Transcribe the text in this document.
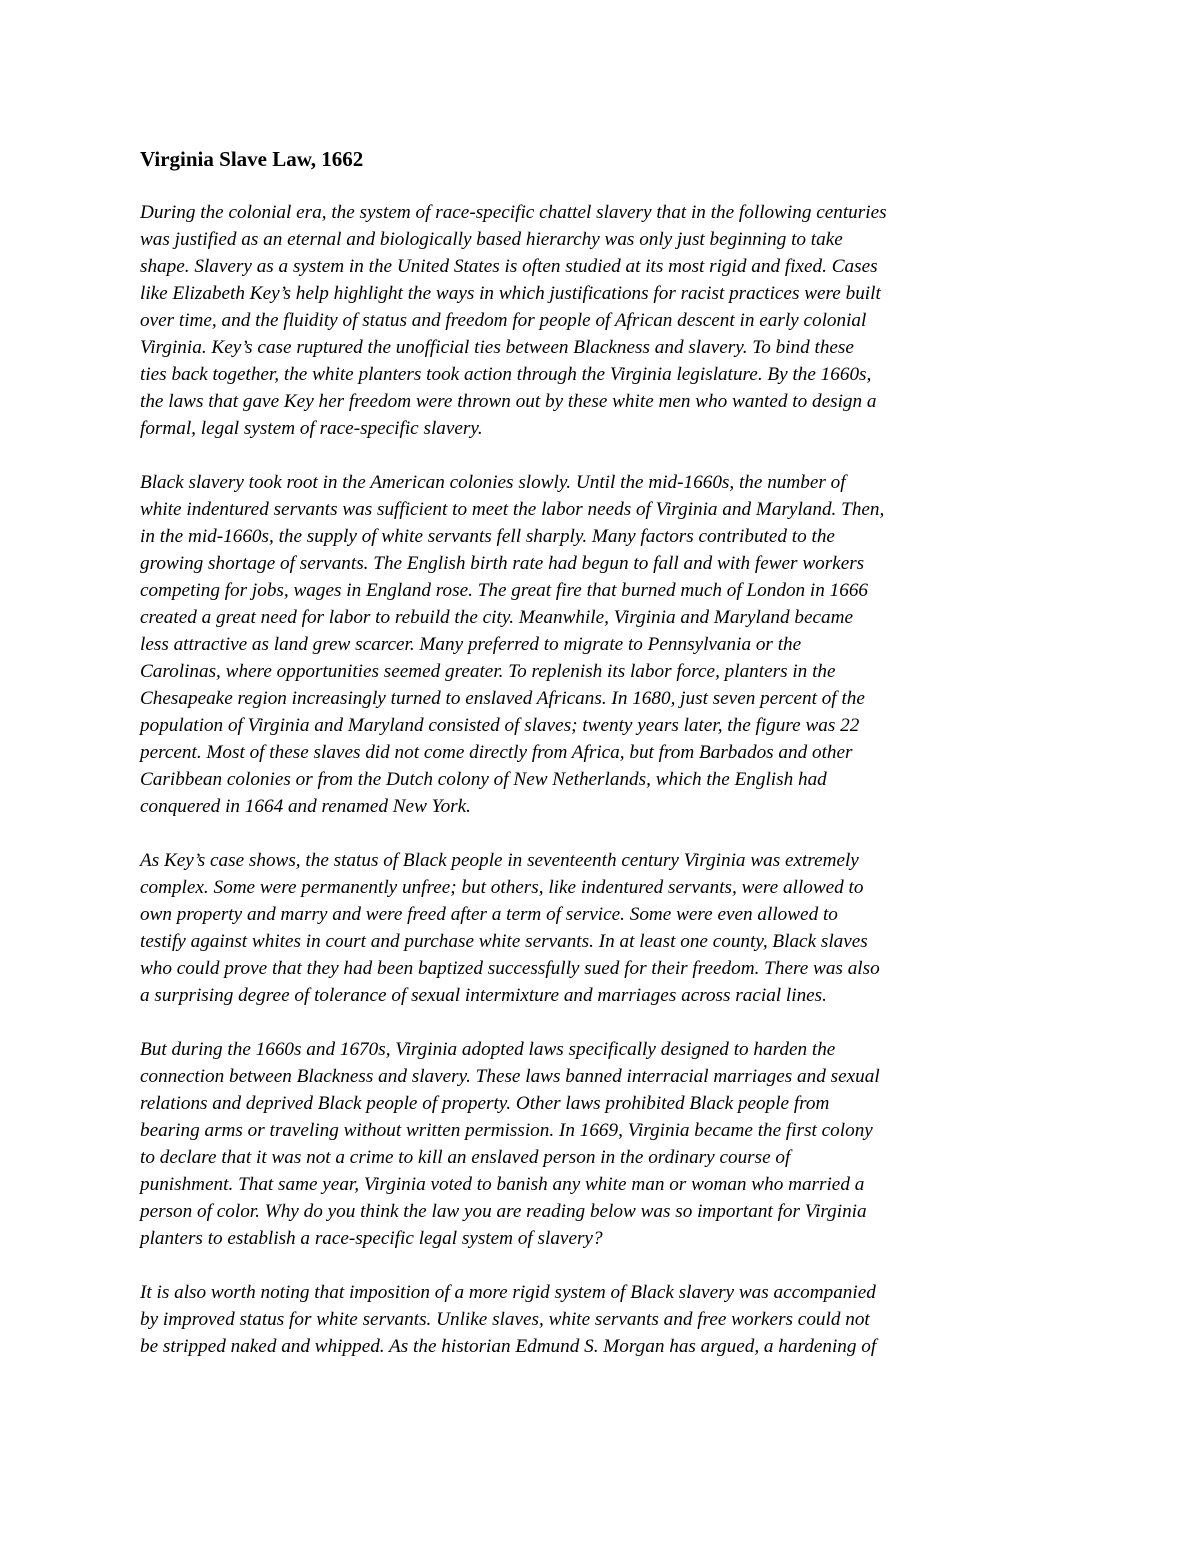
Virginia Slave Law, 1662
During the colonial era, the system of race-specific chattel slavery that in the following centuries
was justified as an eternal and biologically based hierarchy was only just beginning to take
shape. Slavery as a system in the United States is often studied at its most rigid and fixed. Cases
like Elizabeth Key’s help highlight the ways in which justifications for racist practices were built
over time, and the fluidity of status and freedom for people of African descent in early colonial
Virginia. Key’s case ruptured the unofficial ties between Blackness and slavery. To bind these
ties back together, the white planters took action through the Virginia legislature. By the 1660s,
the laws that gave Key her freedom were thrown out by these white men who wanted to design a
formal, legal system of race-specific slavery.
Black slavery took root in the American colonies slowly. Until the mid-1660s, the number of
white indentured servants was sufficient to meet the labor needs of Virginia and Maryland. Then,
in the mid-1660s, the supply of white servants fell sharply. Many factors contributed to the
growing shortage of servants. The English birth rate had begun to fall and with fewer workers
competing for jobs, wages in England rose. The great fire that burned much of London in 1666
created a great need for labor to rebuild the city. Meanwhile, Virginia and Maryland became
less attractive as land grew scarcer. Many preferred to migrate to Pennsylvania or the
Carolinas, where opportunities seemed greater. To replenish its labor force, planters in the
Chesapeake region increasingly turned to enslaved Africans. In 1680, just seven percent of the
population of Virginia and Maryland consisted of slaves; twenty years later, the figure was 22
percent. Most of these slaves did not come directly from Africa, but from Barbados and other
Caribbean colonies or from the Dutch colony of New Netherlands, which the English had
conquered in 1664 and renamed New York.
As Key’s case shows, the status of Black people in seventeenth century Virginia was extremely
complex. Some were permanently unfree; but others, like indentured servants, were allowed to
own property and marry and were freed after a term of service. Some were even allowed to
testify against whites in court and purchase white servants. In at least one county, Black slaves
who could prove that they had been baptized successfully sued for their freedom. There was also
a surprising degree of tolerance of sexual intermixture and marriages across racial lines.
But during the 1660s and 1670s, Virginia adopted laws specifically designed to harden the
connection between Blackness and slavery. These laws banned interracial marriages and sexual
relations and deprived Black people of property. Other laws prohibited Black people from
bearing arms or traveling without written permission. In 1669, Virginia became the first colony
to declare that it was not a crime to kill an enslaved person in the ordinary course of
punishment. That same year, Virginia voted to banish any white man or woman who married a
person of color. Why do you think the law you are reading below was so important for Virginia
planters to establish a race-specific legal system of slavery?
It is also worth noting that imposition of a more rigid system of Black slavery was accompanied
by improved status for white servants. Unlike slaves, white servants and free workers could not
be stripped naked and whipped. As the historian Edmund S. Morgan has argued, a hardening of
